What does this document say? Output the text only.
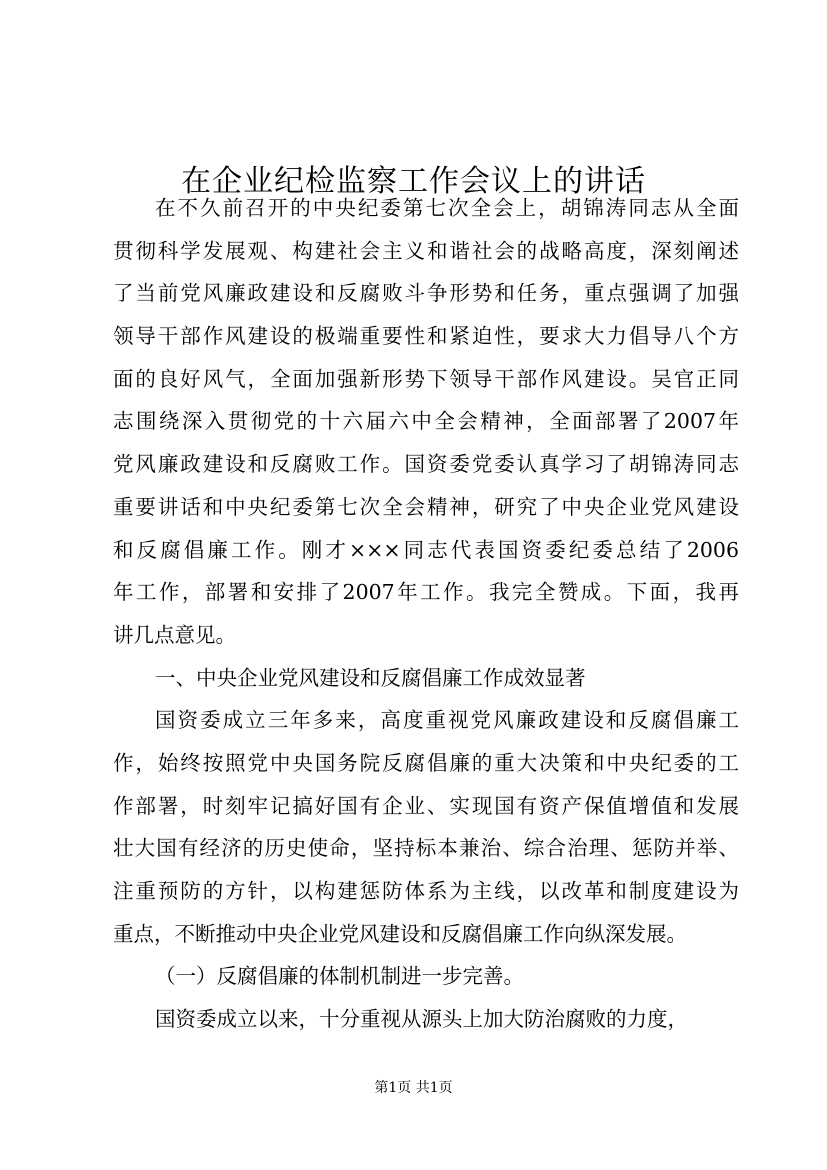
在企业纪检监察工作会议上的讲话
在不久前召开的中央纪委第七次全会上，胡锦涛同志从全面
贯彻科学发展观、构建社会主义和谐社会的战略高度，深刻阐述
了当前党风廉政建设和反腐败斗争形势和任务，重点强调了加强
领导干部作风建设的极端重要性和紧迫性，要求大力倡导八个方
面的良好风气，全面加强新形势下领导干部作风建设。吴官正同
志围绕深入贯彻党的十六届六中全会精神，全面部署了2007年
党风廉政建设和反腐败工作。国资委党委认真学习了胡锦涛同志
重要讲话和中央纪委第七次全会精神，研究了中央企业党风建设
和反腐倡廉工作。刚才×××同志代表国资委纪委总结了2006
年工作，部署和安排了2007年工作。我完全赞成。下面，我再
讲几点意见。
一、中央企业党风建设和反腐倡廉工作成效显著
国资委成立三年多来，高度重视党风廉政建设和反腐倡廉工
作，始终按照党中央国务院反腐倡廉的重大决策和中央纪委的工
作部署，时刻牢记搞好国有企业、实现国有资产保值增值和发展
壮大国有经济的历史使命，坚持标本兼治、综合治理、惩防并举、
注重预防的方针，以构建惩防体系为主线，以改革和制度建设为
重点，不断推动中央企业党风建设和反腐倡廉工作向纵深发展。
（一）反腐倡廉的体制机制进一步完善。
国资委成立以来，十分重视从源头上加大防治腐败的力度，
第1页 共1页
